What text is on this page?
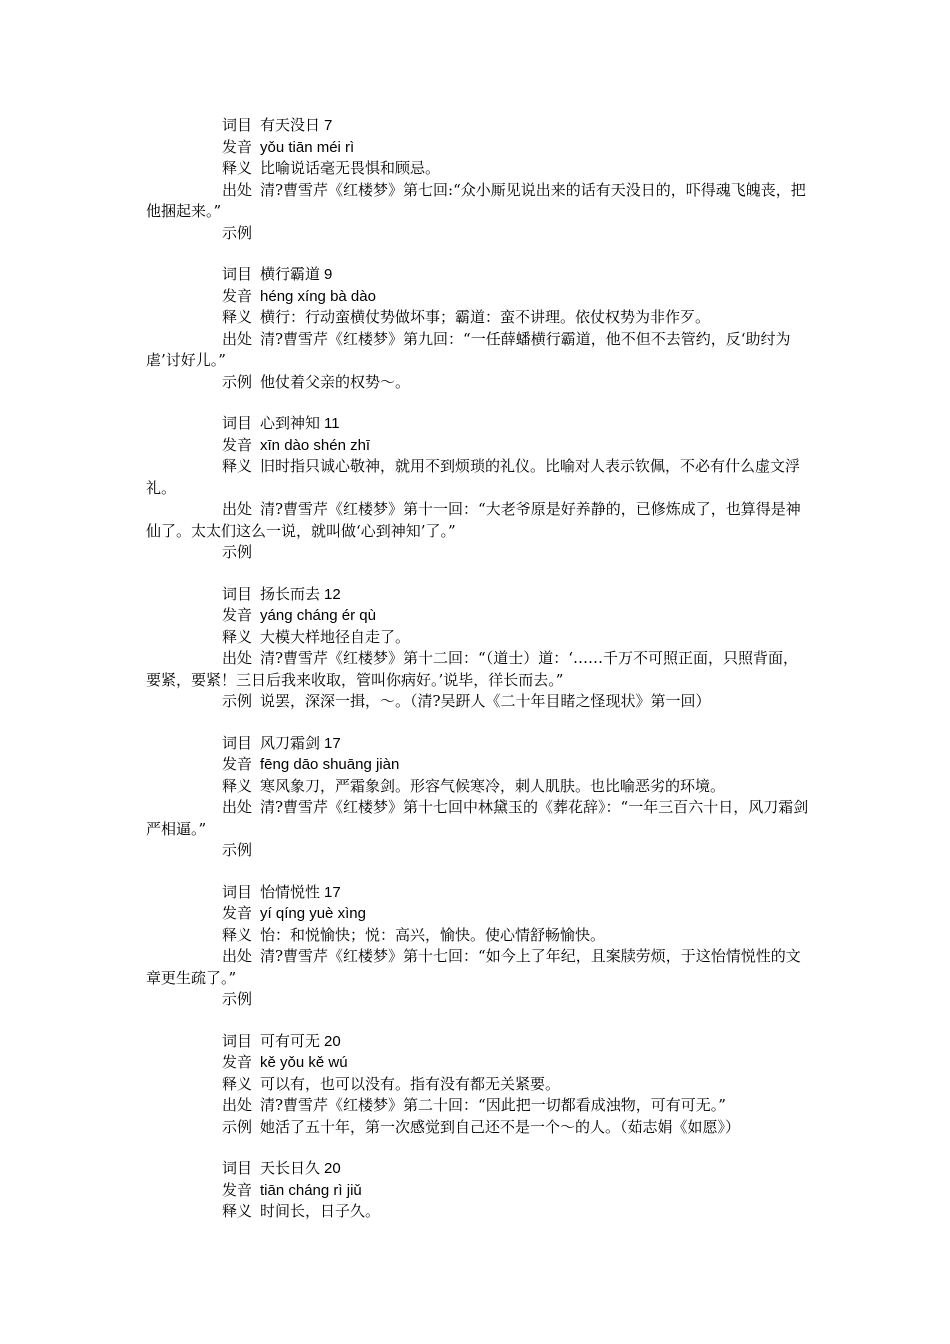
词目 有天没日 7
发音 yǒu tiān méi rì
释义 比喻说话毫无畏惧和顾忌。
出处 清?曹雪芹《红楼梦》第七回:“众小厮见说出来的话有天没日的，吓得魂飞魄丧，把他捆起来。”
示例
词目 横行霸道 9
发音 héng xíng bà dào
释义 横行：行动蛮横仗势做坏事；霸道：蛮不讲理。依仗权势为非作歹。
出处 清?曹雪芹《红楼梦》第九回：“一任薛蟠横行霸道，他不但不去管约，反‘助纣为虐’讨好儿。”
示例 他仗着父亲的权势～。
词目 心到神知 11
发音 xīn dào shén zhī
释义 旧时指只诚心敬神，就用不到烦琐的礼仪。比喻对人表示钦佩，不必有什么虚文浮礼。
出处 清?曹雪芹《红楼梦》第十一回：“大老爷原是好养静的，已修炼成了，也算得是神仙了。太太们这么一说，就叫做‘心到神知’了。”
示例
词目 扬长而去 12
发音 yáng cháng ér qù
释义 大模大样地径自走了。
出处 清?曹雪芹《红楼梦》第十二回：“（道士）道：‘……千万不可照正面，只照背面，要紧，要紧！三日后我来收取，管叫你病好。’说毕，徉长而去。”
示例 说罢，深深一揖，～。（清?吴趼人《二十年目睹之怪现状》第一回）
词目 风刀霜剑 17
发音 fēng dāo shuāng jiàn
释义 寒风象刀，严霜象剑。形容气候寒冷，刺人肌肤。也比喻恶劣的环境。
出处 清?曹雪芹《红楼梦》第十七回中林黛玉的《葬花辞》：“一年三百六十日，风刀霜剑严相逼。”
示例
词目 怡情悦性 17
发音 yí qíng yuè xìng
释义 怡：和悦愉快；悦：高兴，愉快。使心情舒畅愉快。
出处 清?曹雪芹《红楼梦》第十七回：“如今上了年纪，且案牍劳烦，于这怡情悦性的文章更生疏了。”
示例
词目 可有可无 20
发音 kě yǒu kě wú
释义 可以有，也可以没有。指有没有都无关紧要。
出处 清?曹雪芹《红楼梦》第二十回：“因此把一切都看成浊物，可有可无。”
示例 她活了五十年，第一次感觉到自己还不是一个～的人。（茹志娟《如愿》）
词目 天长日久 20
发音 tiān cháng rì jiǔ
释义 时间长，日子久。
